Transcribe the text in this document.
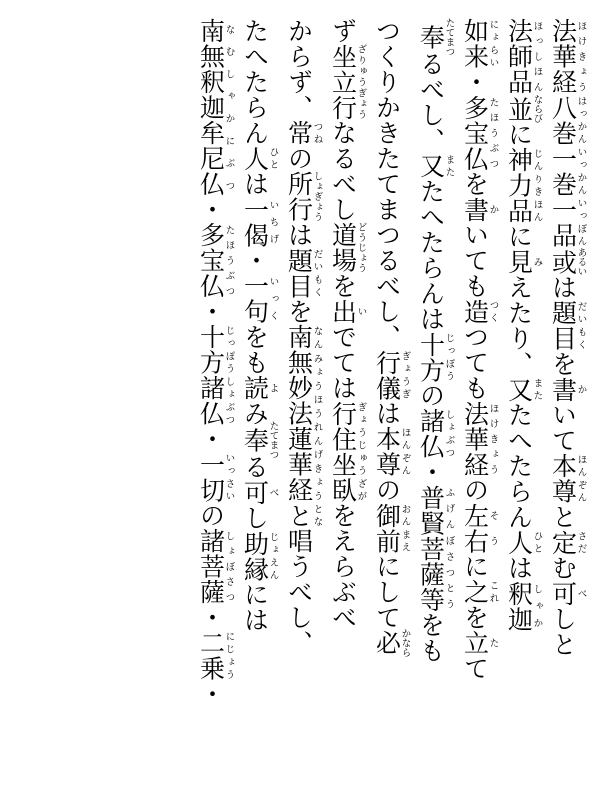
法華経ほけきょう八巻はっかん一巻いっかん一品いっぽん或あるいは題目だいもくを書かいて本尊ほんぞんと定さだむ可べしと
法師品ほっしほん並ならびに神力品じんりきほんに見みえたり、又またたへたらん人ひとは釈迦しゃか
如来にょらい・多宝仏たほうぶつを書かいても造つくつても法華経ほけきょうの左右そうに之これを立たて
奉たてまつるべし、又またたへたらんは十方じっぽうの諸仏しょぶつ・普賢菩薩等ふげんぼさつとうをも
つくりかきたてまつるべし、行儀ぎょうぎは本尊ほんぞんの御前おんまえにして必かなら
ず坐立行ざりゅうぎょうなるべし道場どうじょうを出いでては行住坐臥ぎょうじゅうざがをえらぶべ
からず、常つねの所行しょぎょうは題目だいもくを南無妙法蓮華経なんみょうほうれんげきょうととな唱うべし、
たへたらん人ひとは一偈いちげ・一句いっくをも読よみ奉たてまつる可べし助縁じょえんには
南無釈迦牟尼仏なむしゃかにぶつ・多宝仏たほうぶつ・十方諸仏じっぽうしょぶつ・一切いっさいの諸菩薩しょぼさつ・二乗にじょう・
